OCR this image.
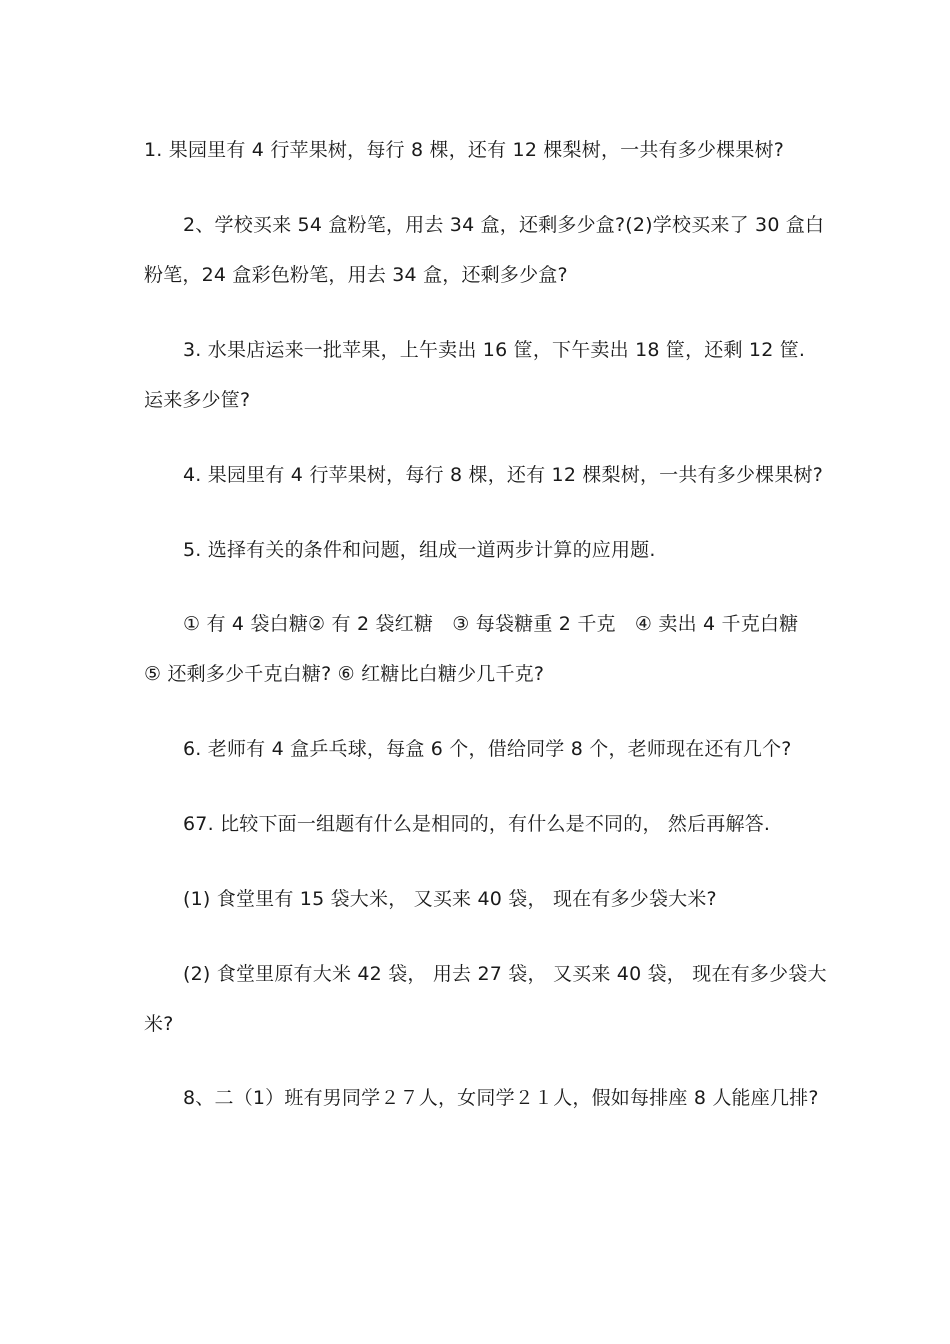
1. 果园里有 4 行苹果树，每行 8 棵，还有 12 棵梨树，一共有多少棵果树?
2、学校买来 54 盒粉笔，用去 34 盒，还剩多少盒?(2)学校买来了 30 盒白
粉笔，24 盒彩色粉笔，用去 34 盒，还剩多少盒?
3. 水果店运来一批苹果，上午卖出 16 筐，下午卖出 18 筐，还剩 12 筐.
运来多少筐?
4. 果园里有 4 行苹果树，每行 8 棵，还有 12 棵梨树，一共有多少棵果树?
5. 选择有关的条件和问题，组成一道两步计算的应用题.
① 有 4 袋白糖② 有 2 袋红糖　③ 每袋糖重 2 千克　④ 卖出 4 千克白糖
⑤ 还剩多少千克白糖? ⑥ 红糖比白糖少几千克?
6. 老师有 4 盒乒乓球，每盒 6 个，借给同学 8 个，老师现在还有几个?
67. 比较下面一组题有什么是相同的，有什么是不同的， 然后再解答.
(1) 食堂里有 15 袋大米， 又买来 40 袋， 现在有多少袋大米?
(2) 食堂里原有大米 42 袋， 用去 27 袋， 又买来 40 袋， 现在有多少袋大
米?
8、二（1）班有男同学２７人，女同学２１人，假如每排座 8 人能座几排?
